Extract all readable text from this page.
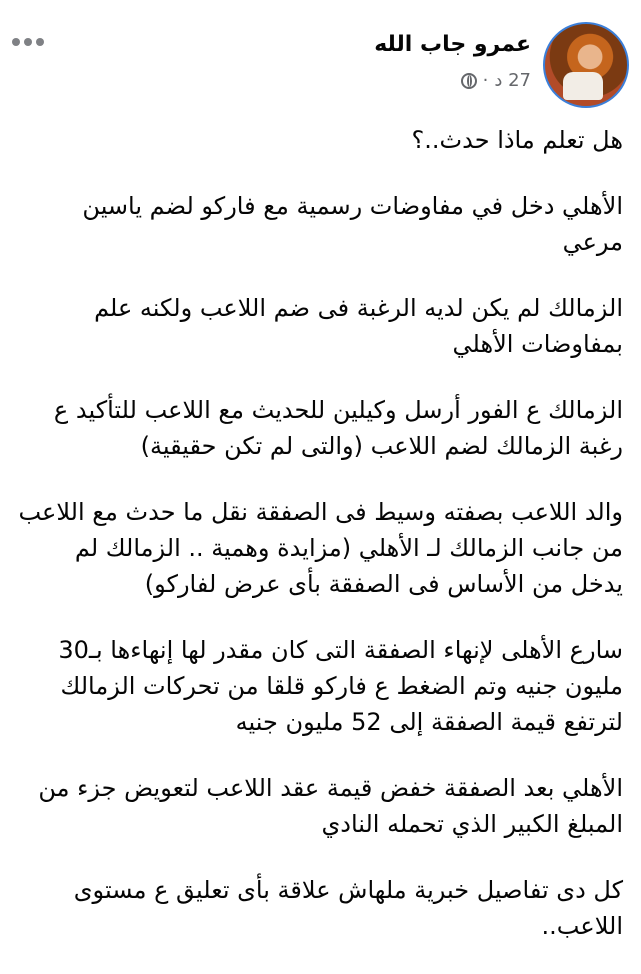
عمرو جاب الله
27 د
·

هل تعلم ماذا حدث..؟

الأهلي دخل في مفاوضات رسمية مع فاركو لضم ياسين مرعي

الزمالك لم يكن لديه الرغبة فى ضم اللاعب ولكنه علم بمفاوضات الأهلي

الزمالك ع الفور أرسل وكيلين للحديث مع اللاعب للتأكيد ع رغبة الزمالك لضم اللاعب (والتى لم تكن حقيقية)

والد اللاعب بصفته وسيط فى الصفقة نقل ما حدث مع اللاعب من جانب الزمالك لـ الأهلي (مزايدة وهمية .. الزمالك لم يدخل من الأساس فى الصفقة بأى عرض لفاركو)

سارع الأهلى لإنهاء الصفقة التى كان مقدر لها إنهاءها بـ30 مليون جنيه وتم الضغط ع فاركو قلقا من تحركات الزمالك لترتفع قيمة الصفقة إلى 52 مليون جنيه

الأهلي بعد الصفقة خفض قيمة عقد اللاعب لتعويض جزء من المبلغ الكبير الذي تحمله النادي

كل دى تفاصيل خبرية ملهاش علاقة بأى تعليق ع مستوى اللاعب..
